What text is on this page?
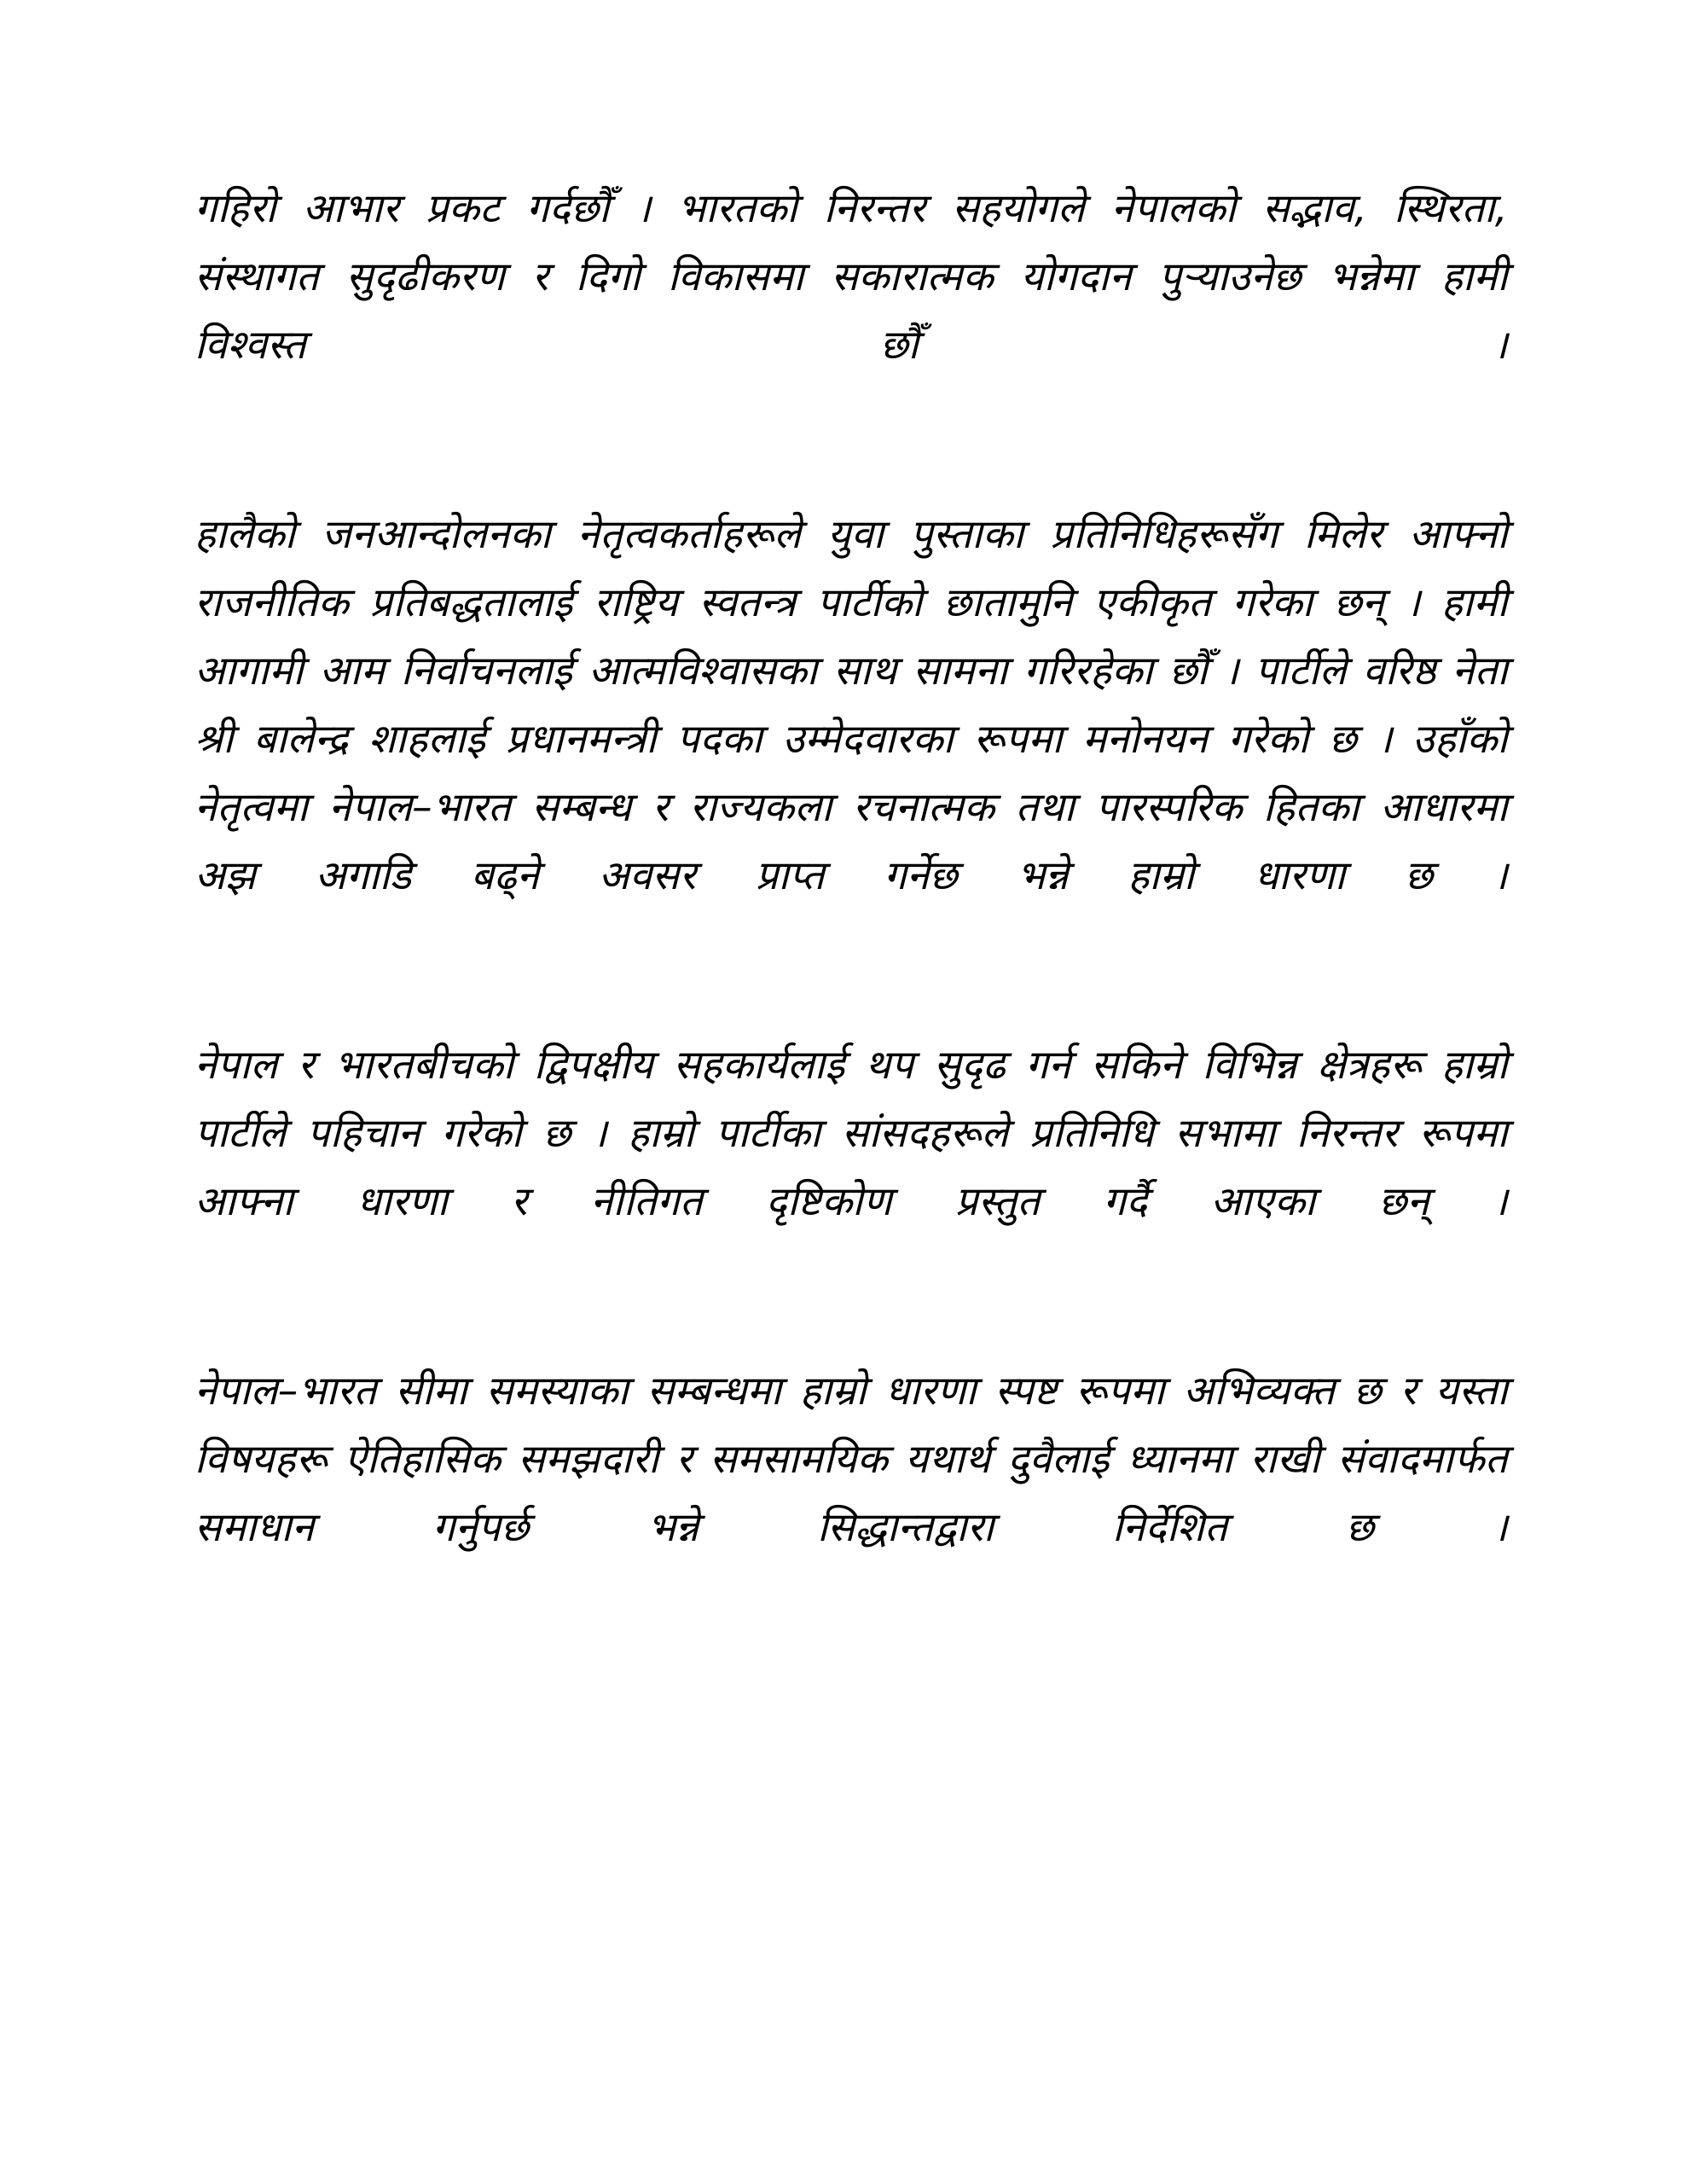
गहिरो आभार प्रकट गर्दछौँ । भारतको निरन्तर सहयोगले नेपालको सद्भाव, स्थिरता, संस्थागत सुदृढीकरण र दिगो विकासमा सकारात्मक योगदान पुर्‍याउनेछ भन्नेमा हामी विश्वस्त छौँ ।

हालैको जनआन्दोलनका नेतृत्वकर्ताहरूले युवा पुस्ताका प्रतिनिधिहरूसँग मिलेर आफ्नो राजनीतिक प्रतिबद्धतालाई राष्ट्रिय स्वतन्त्र पार्टीको छातामुनि एकीकृत गरेका छन् । हामी आगामी आम निर्वाचनलाई आत्मविश्वासका साथ सामना गरिरहेका छौँ । पार्टीले वरिष्ठ नेता श्री बालेन्द्र शाहलाई प्रधानमन्त्री पदका उम्मेदवारका रूपमा मनोनयन गरेको छ । उहाँको नेतृत्वमा नेपाल–भारत सम्बन्ध र राज्यकला रचनात्मक तथा पारस्परिक हितका आधारमा अझ अगाडि बढ्ने अवसर प्राप्त गर्नेछ भन्ने हाम्रो धारणा छ ।

नेपाल र भारतबीचको द्विपक्षीय सहकार्यलाई थप सुदृढ गर्न सकिने विभिन्न क्षेत्रहरू हाम्रो पार्टीले पहिचान गरेको छ । हाम्रो पार्टीका सांसदहरूले प्रतिनिधि सभामा निरन्तर रूपमा आफ्ना धारणा र नीतिगत दृष्टिकोण प्रस्तुत गर्दै आएका छन् ।

नेपाल–भारत सीमा समस्याका सम्बन्धमा हाम्रो धारणा स्पष्ट रूपमा अभिव्यक्त छ र यस्ता विषयहरू ऐतिहासिक समझदारी र समसामयिक यथार्थ दुवैलाई ध्यानमा राखी संवादमार्फत समाधान गर्नुपर्छ भन्ने सिद्धान्तद्वारा निर्देशित छ ।
